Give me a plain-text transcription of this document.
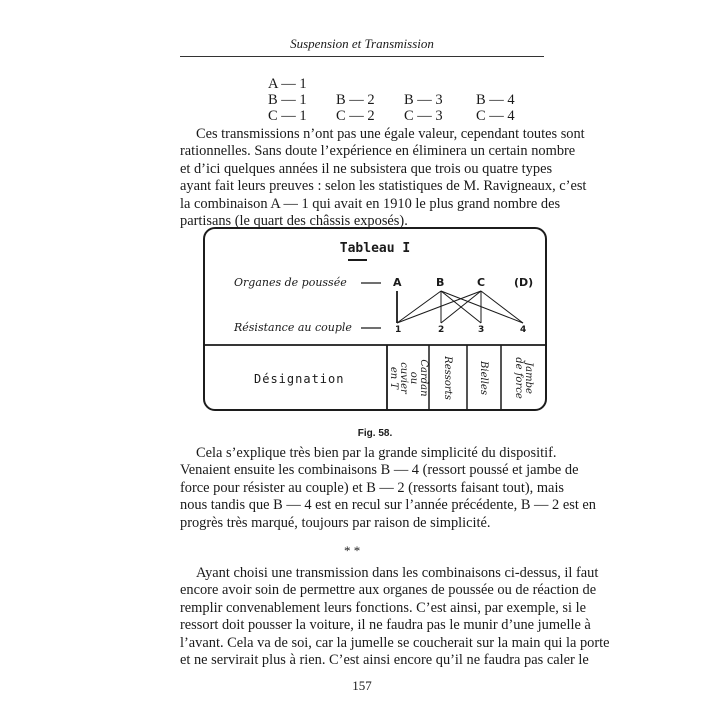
Suspension et Transmission
A — 1
B — 1 B — 2 B — 3 B — 4
C — 1 C — 2 C — 3 C — 4
Ces transmissions n’ont pas une égale valeur, cependant toutes sont
rationnelles. Sans doute l’expérience en éliminera un certain nombre
et d’ici quelques années il ne subsistera que trois ou quatre types
ayant fait leurs preuves : selon les statistiques de M. Ravigneaux, c’est
la combinaison A — 1 qui avait en 1910 le plus grand nombre des
partisans (le quart des châssis exposés).
Tableau I
Organes de poussée
Résistance au couple
A	B	C	(D)
1	2	3	4
Désignation	Cardan ou cuvier en T	Ressorts	Bielles	Jambe de force
Fig. 58.
Cela s’explique très bien par la grande simplicité du dispositif.
Venaient ensuite les combinaisons B — 4 (ressort poussé et jambe de
force pour résister au couple) et B — 2 (ressorts faisant tout), mais
nous tandis que B — 4 est en recul sur l’année précédente, B — 2 est en
progrès très marqué, toujours par raison de simplicité.
* *
Ayant choisi une transmission dans les combinaisons ci-dessus, il faut
encore avoir soin de permettre aux organes de poussée ou de réaction de
remplir convenablement leurs fonctions. C’est ainsi, par exemple, si le
ressort doit pousser la voiture, il ne faudra pas le munir d’une jumelle à
l’avant. Cela va de soi, car la jumelle se coucherait sur la main qui la porte
et ne servirait plus à rien. C’est ainsi encore qu’il ne faudra pas caler le
157
